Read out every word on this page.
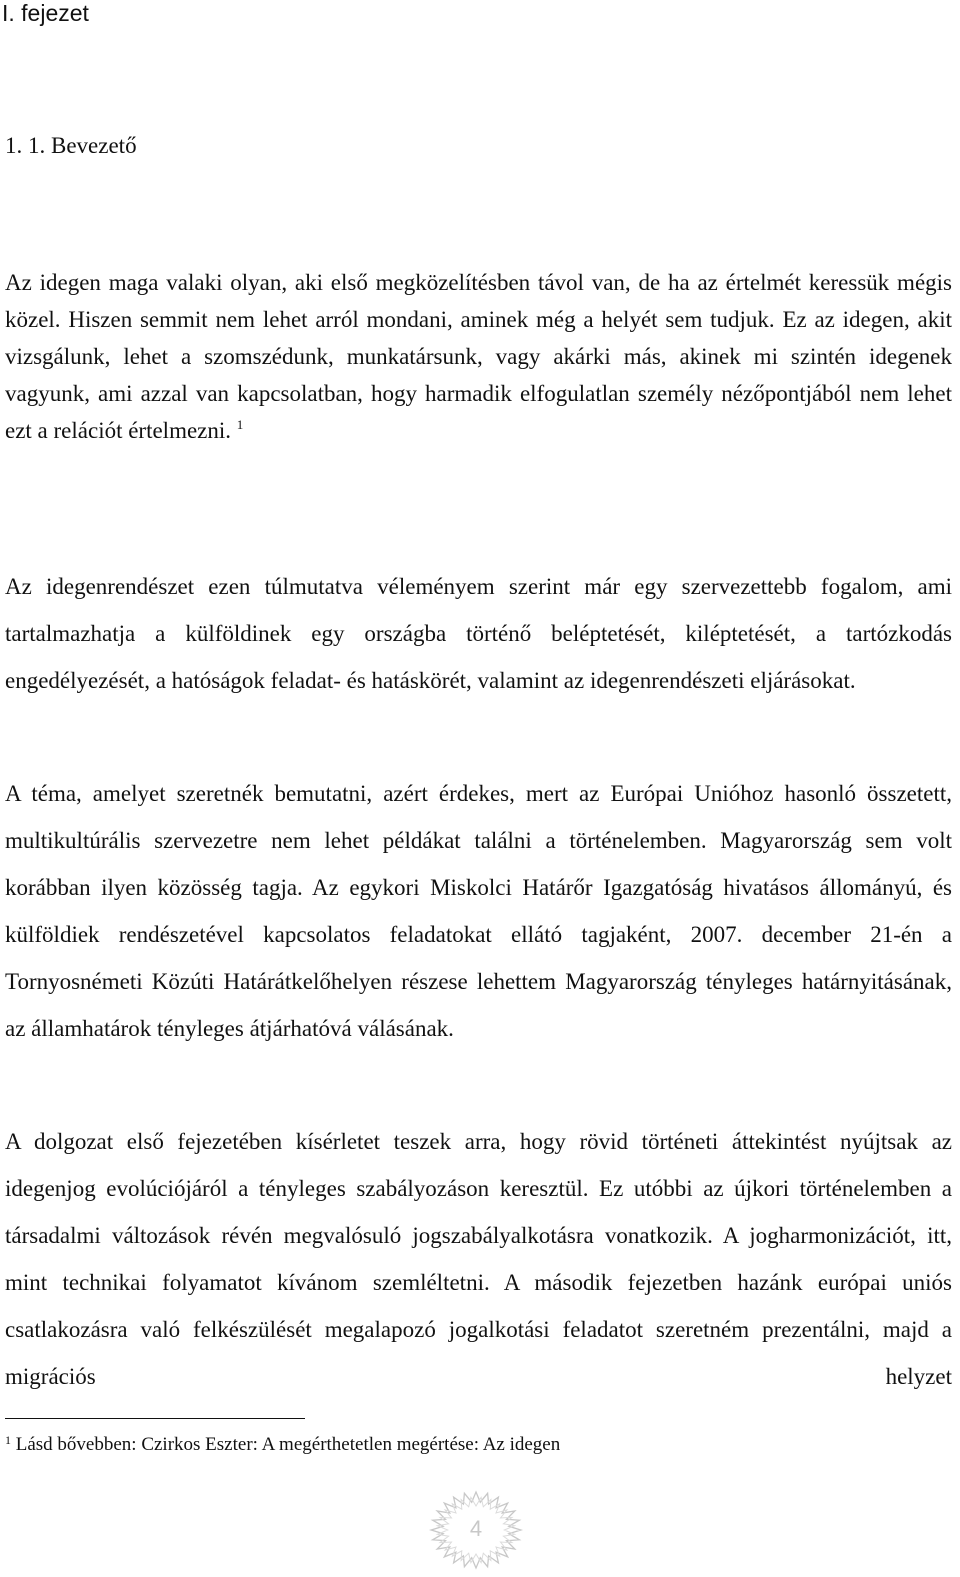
I. fejezet
1. 1. Bevezető

Az idegen maga valaki olyan, aki első megközelítésben távol van, de ha az értelmét keressük mégis közel. Hiszen semmit nem lehet arról mondani, aminek még a helyét sem tudjuk. Ez az idegen, akit vizsgálunk, lehet a szomszédunk, munkatársunk, vagy akárki más, akinek mi szintén idegenek vagyunk, ami azzal van kapcsolatban, hogy harmadik elfogulatlan személy nézőpontjából nem lehet ezt a relációt értelmezni. $^1$

Az idegenrendészet ezen túlmutatva véleményem szerint már egy szervezettebb fogalom, ami tartalmazhatja a külföldinek egy országba történő beléptetését, kiléptetését, a tartózkodás engedélyezését, a hatóságok feladat- és hatáskörét, valamint az idegenrendészeti eljárásokat.

A téma, amelyet szeretnék bemutatni, azért érdekes, mert az Európai Unióhoz hasonló összetett, multikultúrális szervezetre nem lehet példákat találni a történelemben. Magyarország sem volt korábban ilyen közösség tagja. Az egykori Miskolci Határőr Igazgatóság hivatásos állományú, és külföldiek rendészetével kapcsolatos feladatokat ellátó tagjaként, 2007. december 21-én a Tornyosnémeti Közúti Határátkelőhelyen részese lehettem Magyarország tényleges határnyitásának, az államhatárok tényleges átjárhatóvá válásának.

A dolgozat első fejezetében kísérletet teszek arra, hogy rövid történeti áttekintést nyújtsak az idegenjog evolúciójáról a tényleges szabályozáson keresztül. Ez utóbbi az újkori történelemben a társadalmi változások révén megvalósuló jogszabályalkotásra vonatkozik. A jogharmonizációt, itt, mint technikai folyamatot kívánom szemléltetni. A második fejezetben hazánk európai uniós csatlakozásra való felkészülését megalapozó jogalkotási feladatot szeretném prezentálni, majd a migrációs helyzet

$^1$ Lásd bővebben: Czirkos Eszter: A megérthetetlen megértése: Az idegen

4
